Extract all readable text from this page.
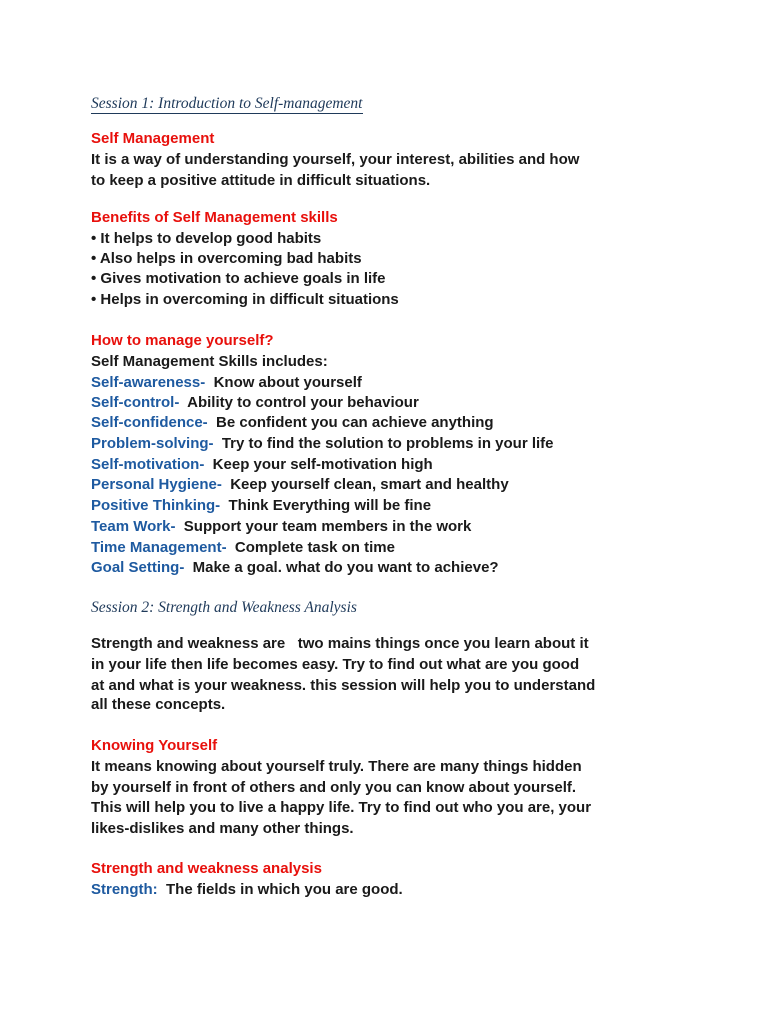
Session 1: Introduction to Self-management
Self Management
It is a way of understanding yourself, your interest, abilities and how
to keep a positive attitude in difficult situations.
Benefits of Self Management skills
• It helps to develop good habits
• Also helps in overcoming bad habits
• Gives motivation to achieve goals in life
• Helps in overcoming in difficult situations
How to manage yourself?
Self Management Skills includes:
Self-awareness-  Know about yourself
Self-control-  Ability to control your behaviour
Self-confidence-  Be confident you can achieve anything
Problem-solving-  Try to find the solution to problems in your life
Self-motivation-  Keep your self-motivation high
Personal Hygiene-  Keep yourself clean, smart and healthy
Positive Thinking-  Think Everything will be fine
Team Work-  Support your team members in the work
Time Management-  Complete task on time
Goal Setting-  Make a goal. what do you want to achieve?
Session 2: Strength and Weakness Analysis
Strength and weakness are   two mains things once you learn about it
in your life then life becomes easy. Try to find out what are you good
at and what is your weakness. this session will help you to understand
all these concepts.
Knowing Yourself
It means knowing about yourself truly. There are many things hidden
by yourself in front of others and only you can know about yourself.
This will help you to live a happy life. Try to find out who you are, your
likes-dislikes and many other things.
Strength and weakness analysis
Strength:  The fields in which you are good.
